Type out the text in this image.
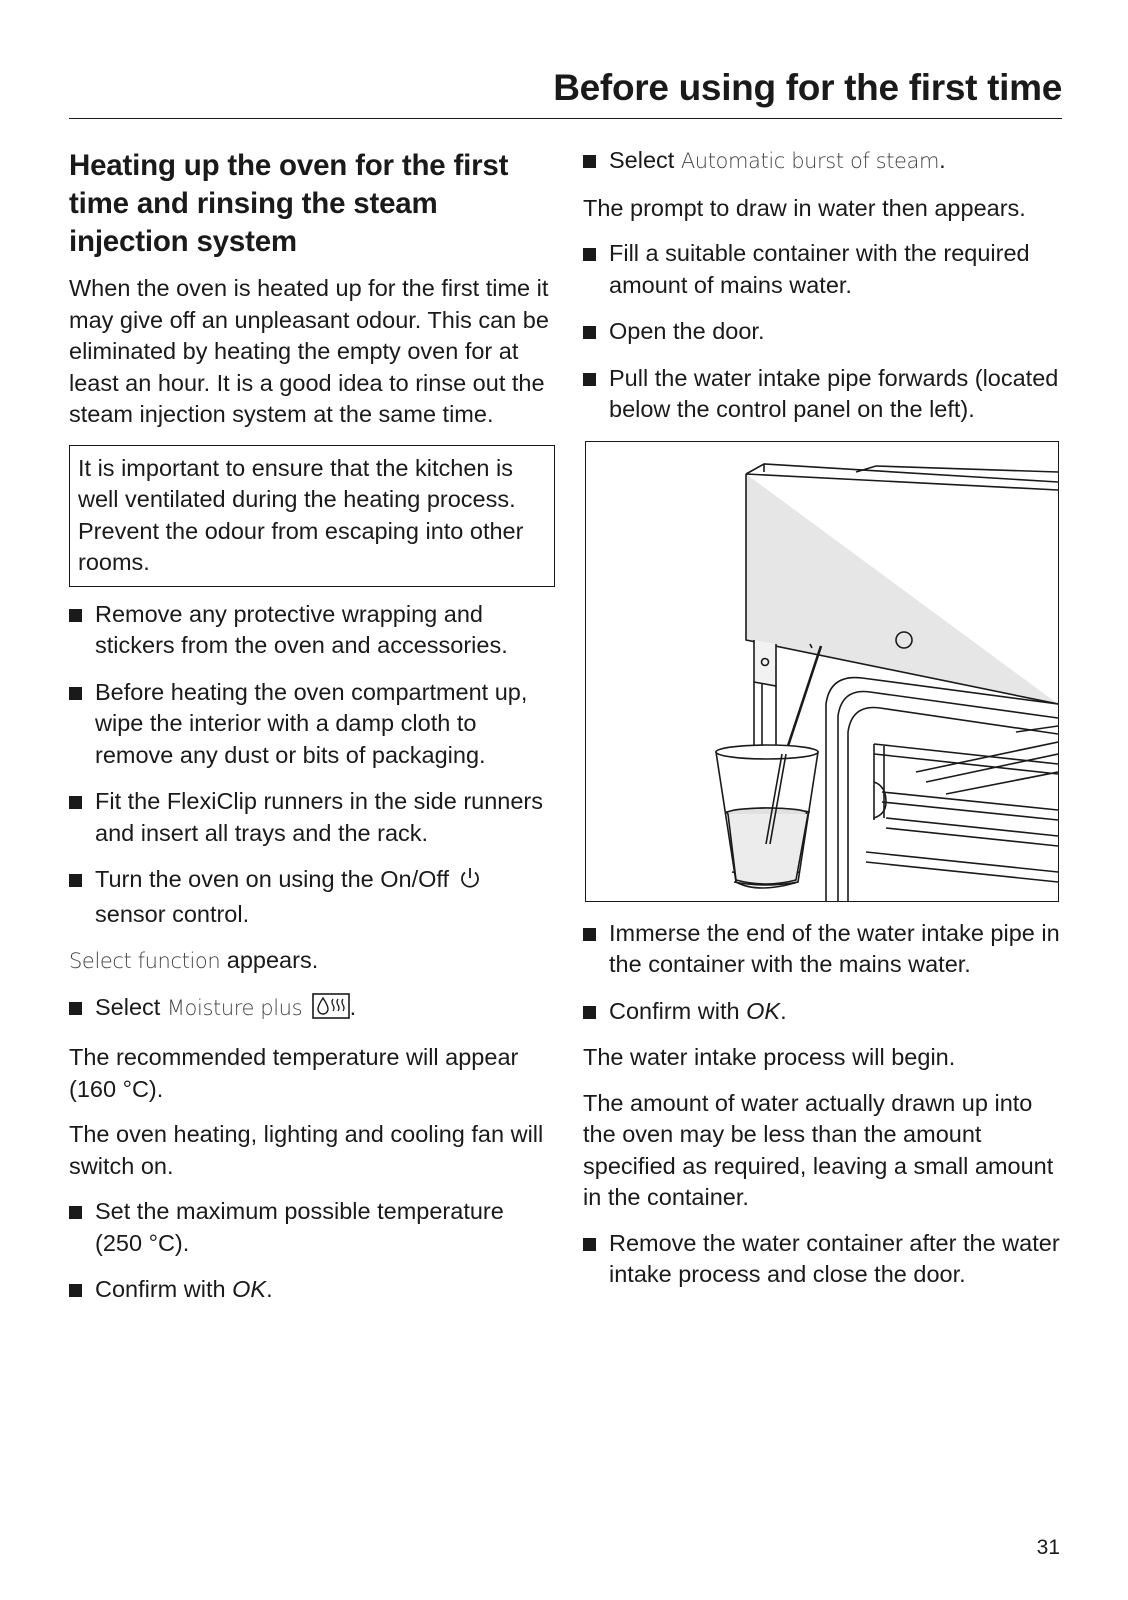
Before using for the first time
Heating up the oven for the first time and rinsing the steam injection system

When the oven is heated up for the first time it may give off an unpleasant odour. This can be eliminated by heating the empty oven for at least an hour. It is a good idea to rinse out the steam injection system at the same time.

It is important to ensure that the kitchen is well ventilated during the heating process.

Prevent the odour from escaping into other rooms.

Remove any protective wrapping and stickers from the oven and accessories.
Before heating the oven compartment up, wipe the interior with a damp cloth to remove any dust or bits of packaging.
Fit the FlexiClip runners in the side runners and insert all trays and the rack.
Turn the oven on using the On/Off
sensor control.

Select function appears.

Select Moisture plus .

The recommended temperature will appear (160 °C).

The oven heating, lighting and cooling fan will switch on.

Set the maximum possible temperature (250 °C).
Confirm with OK.
Select Automatic burst of steam.

The prompt to draw in water then appears.

Fill a suitable container with the required amount of mains water.
Open the door.
Pull the water intake pipe forwards (located below the control panel on the left).
Immerse the end of the water intake pipe in the container with the mains water.
Confirm with OK.

The water intake process will begin.

The amount of water actually drawn up into the oven may be less than the amount specified as required, leaving a small amount in the container.

Remove the water container after the water intake process and close the door.
31
